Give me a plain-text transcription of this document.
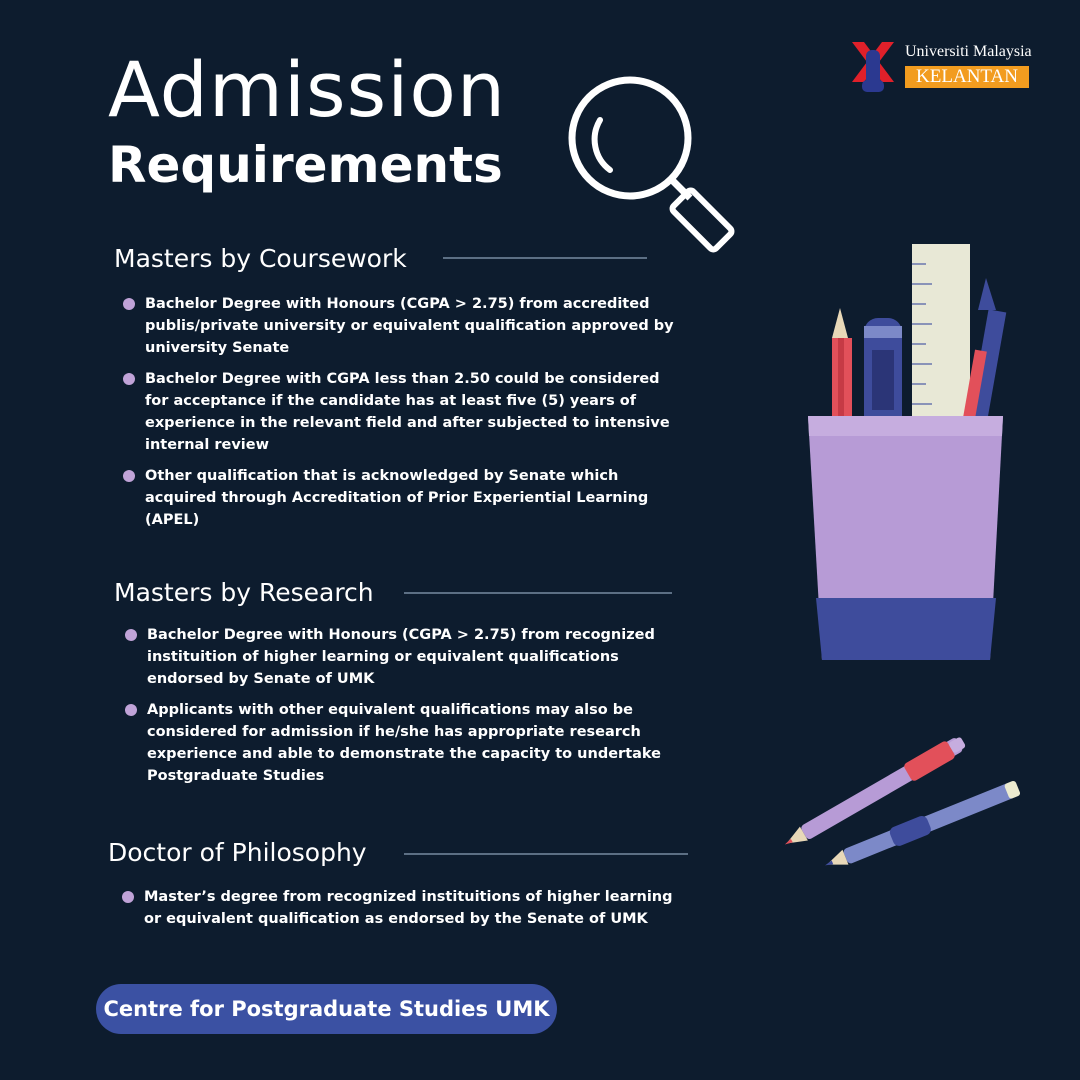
Admission
Requirements
Universiti Malaysia
KELANTAN
Masters by Coursework
Bachelor Degree with Honours (CGPA > 2.75) from accredited publis/private university or equivalent qualification approved by university Senate
Bachelor Degree with CGPA less than 2.50 could be considered for acceptance if the candidate has at least five (5) years of experience in the relevant field and after subjected to intensive internal review
Other qualification that is acknowledged by Senate which acquired through Accreditation of Prior Experiential Learning (APEL)
Masters by Research
Bachelor Degree with Honours (CGPA > 2.75) from recognized instituition of higher learning or equivalent qualifications endorsed by Senate of UMK
Applicants with other equivalent qualifications may also be considered for admission if he/she has appropriate research experience and able to demonstrate the capacity to undertake Postgraduate Studies
Doctor of Philosophy
Master’s degree from recognized instituitions of higher learning or equivalent qualification as endorsed by the Senate of UMK
Centre for Postgraduate Studies UMK
